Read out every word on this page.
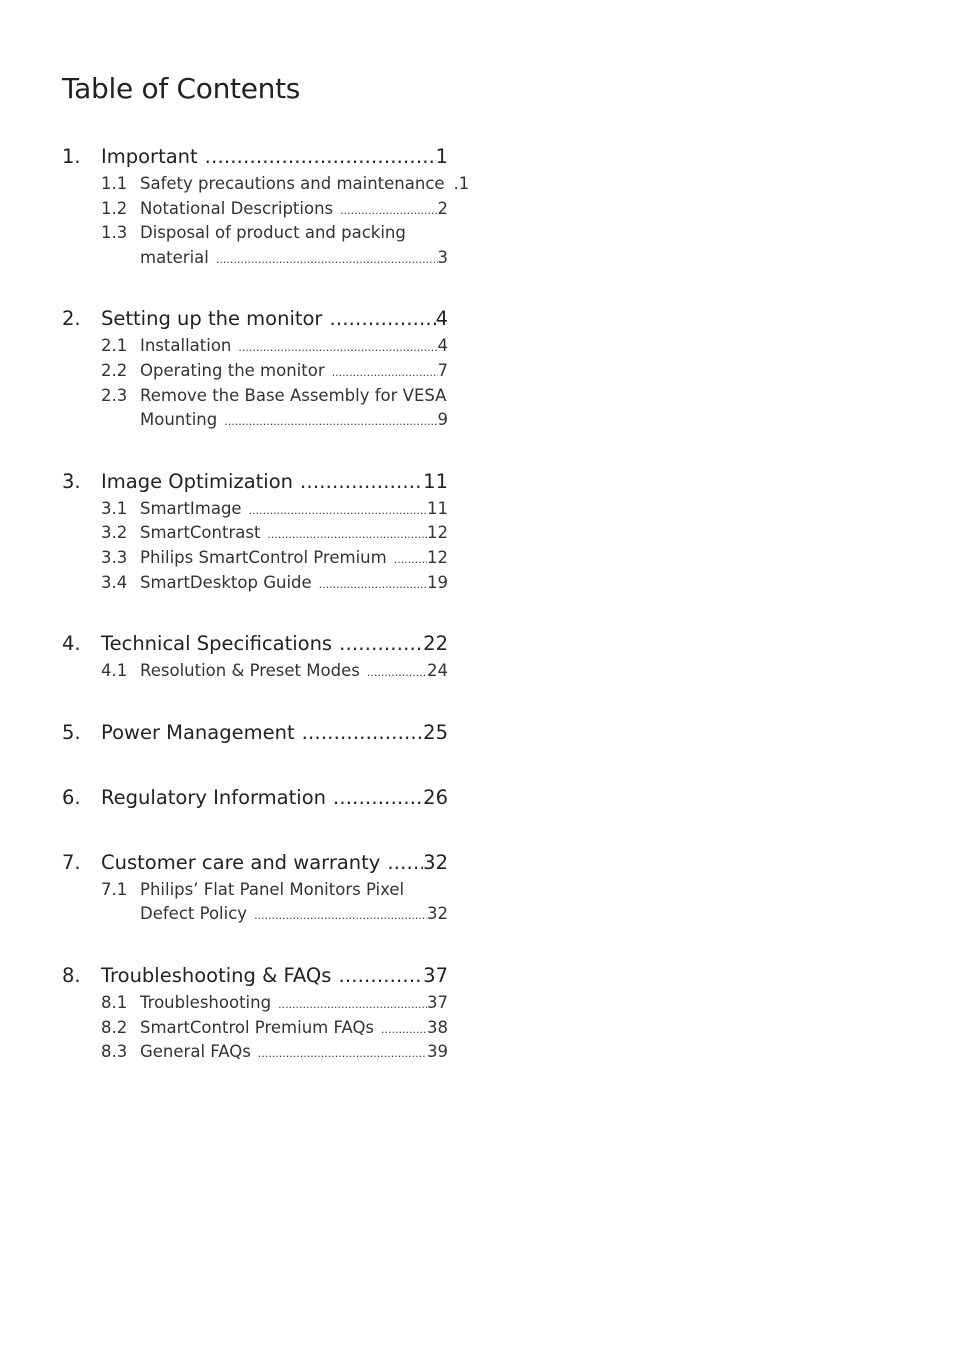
Table of Contents
1.	Important .....	1
1.1 Safety precautions and maintenance .1
1.2 Notational Descriptions .....	2
1.3 Disposal of product and packing
material .....	3
2.	Setting up the monitor .....	4
2.1 Installation .....	4
2.2 Operating the monitor .....	7
2.3 Remove the Base Assembly for VESA
Mounting .....	9
3.	Image Optimization .....	11
3.1 SmartImage .....	11
3.2 SmartContrast .....	12
3.3 Philips SmartControl Premium ..... 12
3.4 SmartDesktop Guide .....	19
4.	Technical Specifications .....	22
4.1 Resolution & Preset Modes .....	24
5.	Power Management .....	25
6.	Regulatory Information .....	26
7.	Customer care and warranty ..... 32
7.1 Philips’ Flat Panel Monitors Pixel
Defect Policy .....	32
8.	Troubleshooting & FAQs .....	37
8.1 Troubleshooting .....	37
8.2 SmartControl Premium FAQs .....	38
8.3 General FAQs .....	39
